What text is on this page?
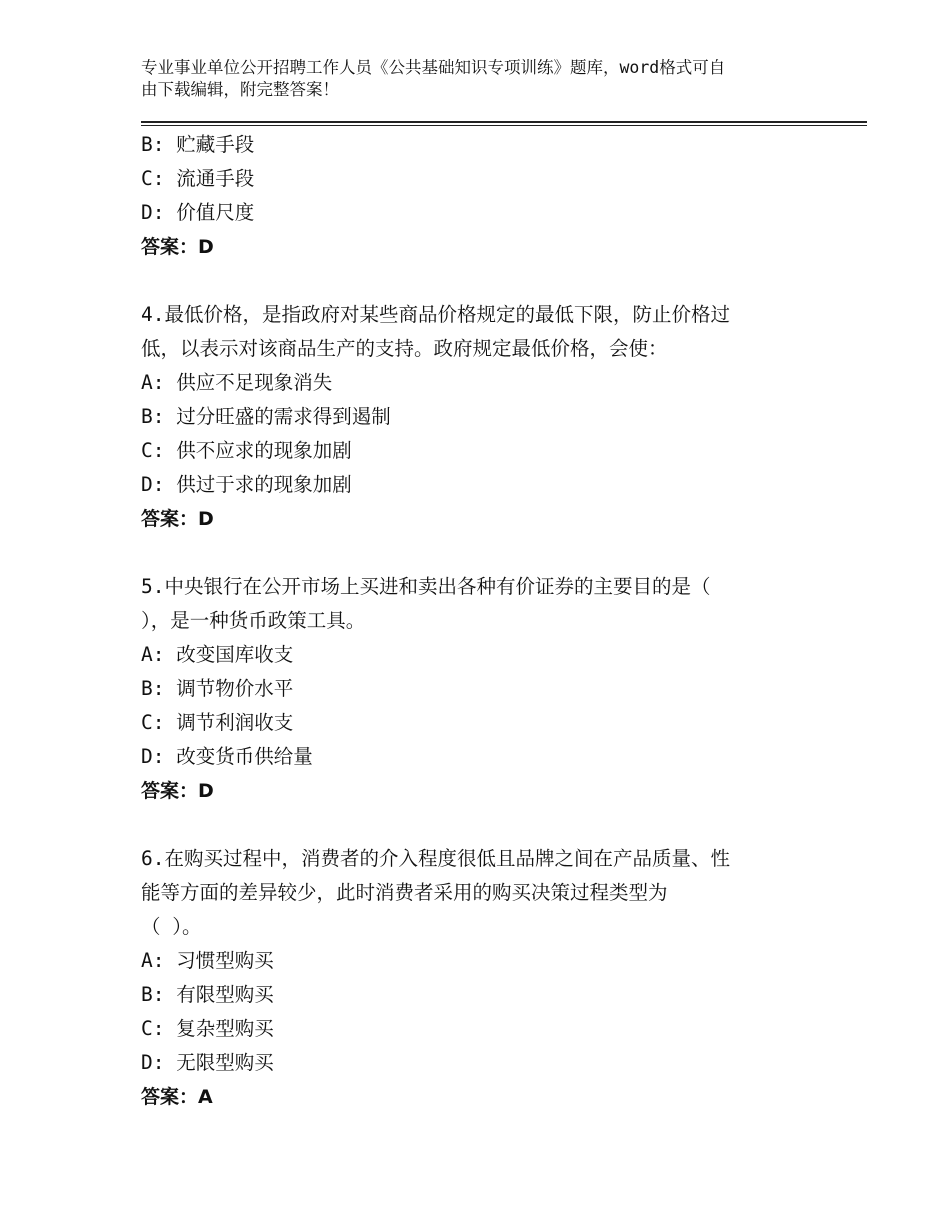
专业事业单位公开招聘工作人员《公共基础知识专项训练》题库，word格式可自
由下载编辑，附完整答案！
B: 贮藏手段
C: 流通手段
D: 价值尺度
答案：D
4.最低价格，是指政府对某些商品价格规定的最低下限，防止价格过
低，以表示对该商品生产的支持。政府规定最低价格，会使：
A: 供应不足现象消失
B: 过分旺盛的需求得到遏制
C: 供不应求的现象加剧
D: 供过于求的现象加剧
答案：D
5.中央银行在公开市场上买进和卖出各种有价证券的主要目的是（
），是一种货币政策工具。
A: 改变国库收支
B: 调节物价水平
C: 调节利润收支
D: 改变货币供给量
答案：D
6.在购买过程中，消费者的介入程度很低且品牌之间在产品质量、性
能等方面的差异较少，此时消费者采用的购买决策过程类型为
（ ）。
A: 习惯型购买
B: 有限型购买
C: 复杂型购买
D: 无限型购买
答案：A
